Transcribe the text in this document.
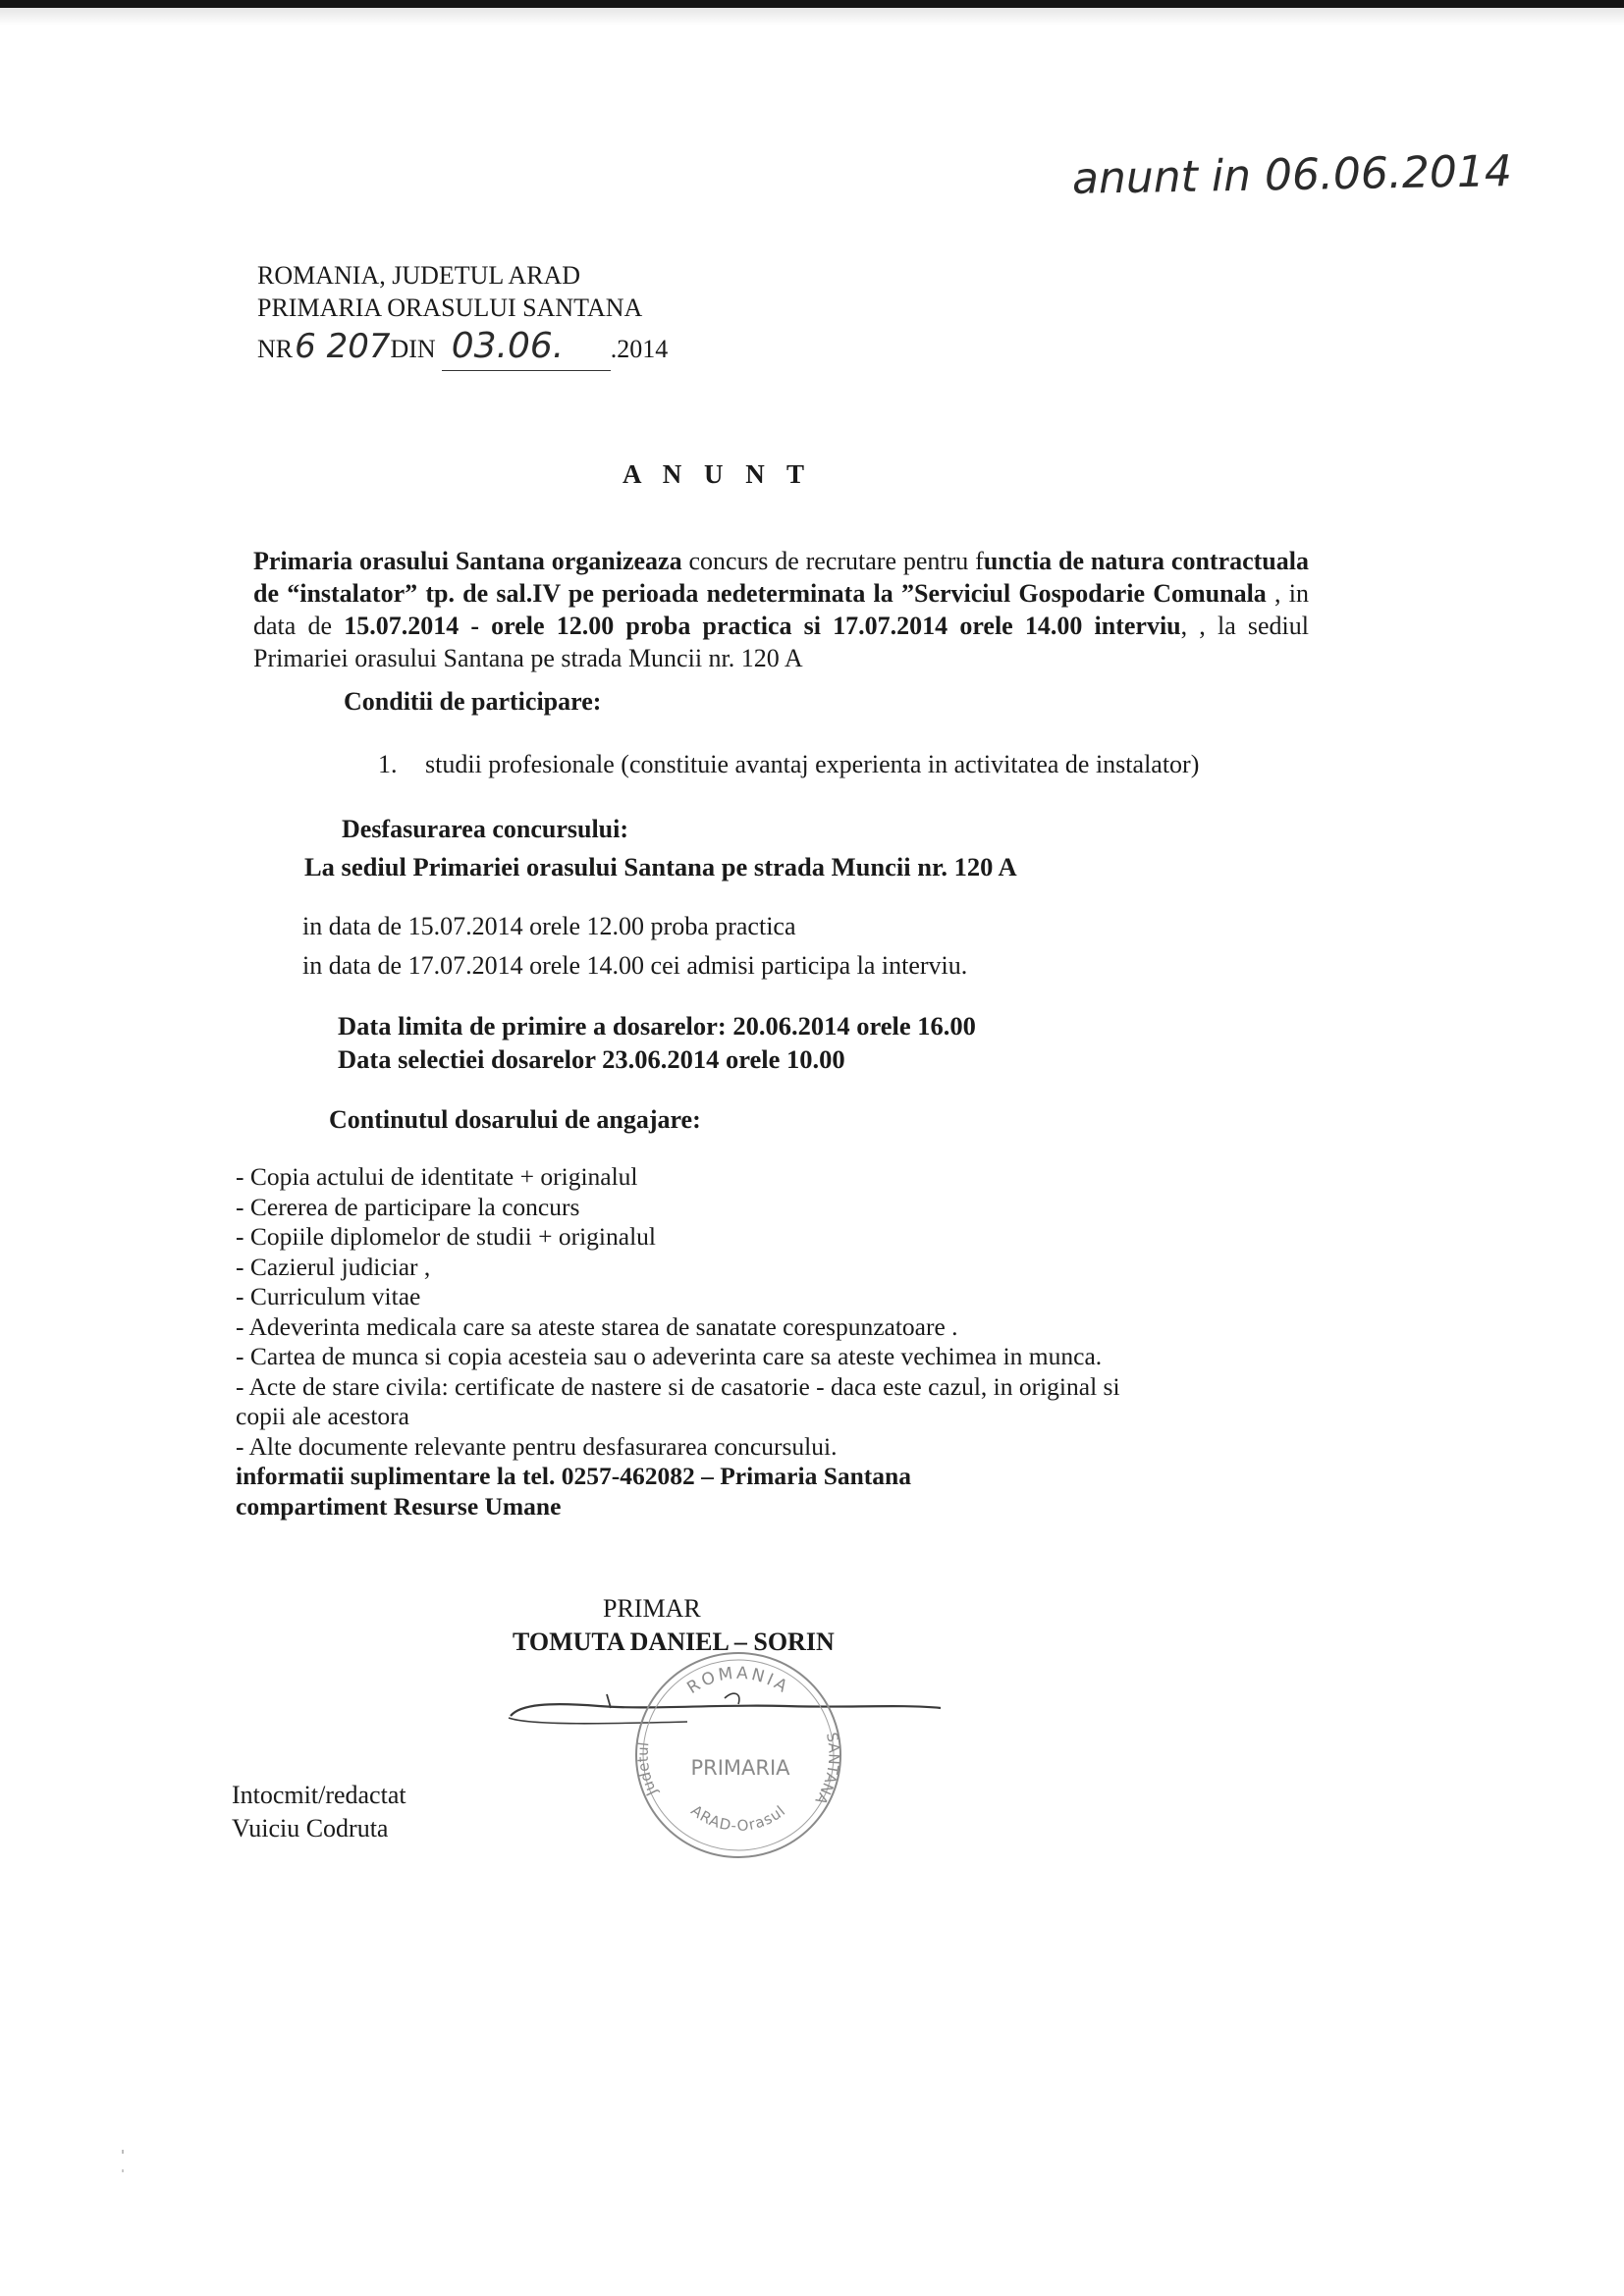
anunt in 06.06.2014
ROMANIA, JUDETUL ARAD
PRIMARIA ORASULUI SANTANA
NR6 207DIN 03.06. .2014
A N U N T
Primaria orasului Santana organizeaza concurs de recrutare pentru functia de natura contractuala de “instalator” tp. de sal.IV pe perioada nedeterminata la ”Serviciul Gospodarie Comunala , in data de 15.07.2014 - orele 12.00 proba practica si 17.07.2014 orele 14.00 interviu, , la sediul Primariei orasului Santana pe strada Muncii nr. 120 A
Conditii de participare:
1. studii profesionale (constituie avantaj experienta in activitatea de instalator)
Desfasurarea concursului:
La sediul Primariei orasului Santana pe strada Muncii nr. 120 A
in data de 15.07.2014 orele 12.00 proba practica
in data de 17.07.2014 orele 14.00 cei admisi participa la interviu.
Data limita de primire a dosarelor: 20.06.2014 orele 16.00
Data selectiei dosarelor 23.06.2014 orele 10.00
Continutul dosarului de angajare:
- Copia actului de identitate + originalul
- Cererea de participare la concurs
- Copiile diplomelor de studii + originalul
- Cazierul judiciar ,
- Curriculum vitae
- Adeverinta medicala care sa ateste starea de sanatate corespunzatoare .
- Cartea de munca si copia acesteia sau o adeverinta care sa ateste vechimea in munca.
- Acte de stare civila: certificate de nastere si de casatorie - daca este cazul, in original si
copii ale acestora
- Alte documente relevante pentru desfasurarea concursului.
informatii suplimentare la tel. 0257-462082 – Primaria Santana
compartiment Resurse Umane
PRIMAR
TOMUTA DANIEL – SORIN
ROMANIA
ARAD-Orasul
Judetul
SANTANA
PRIMARIA
Intocmit/redactat
Vuiciu Codruta
